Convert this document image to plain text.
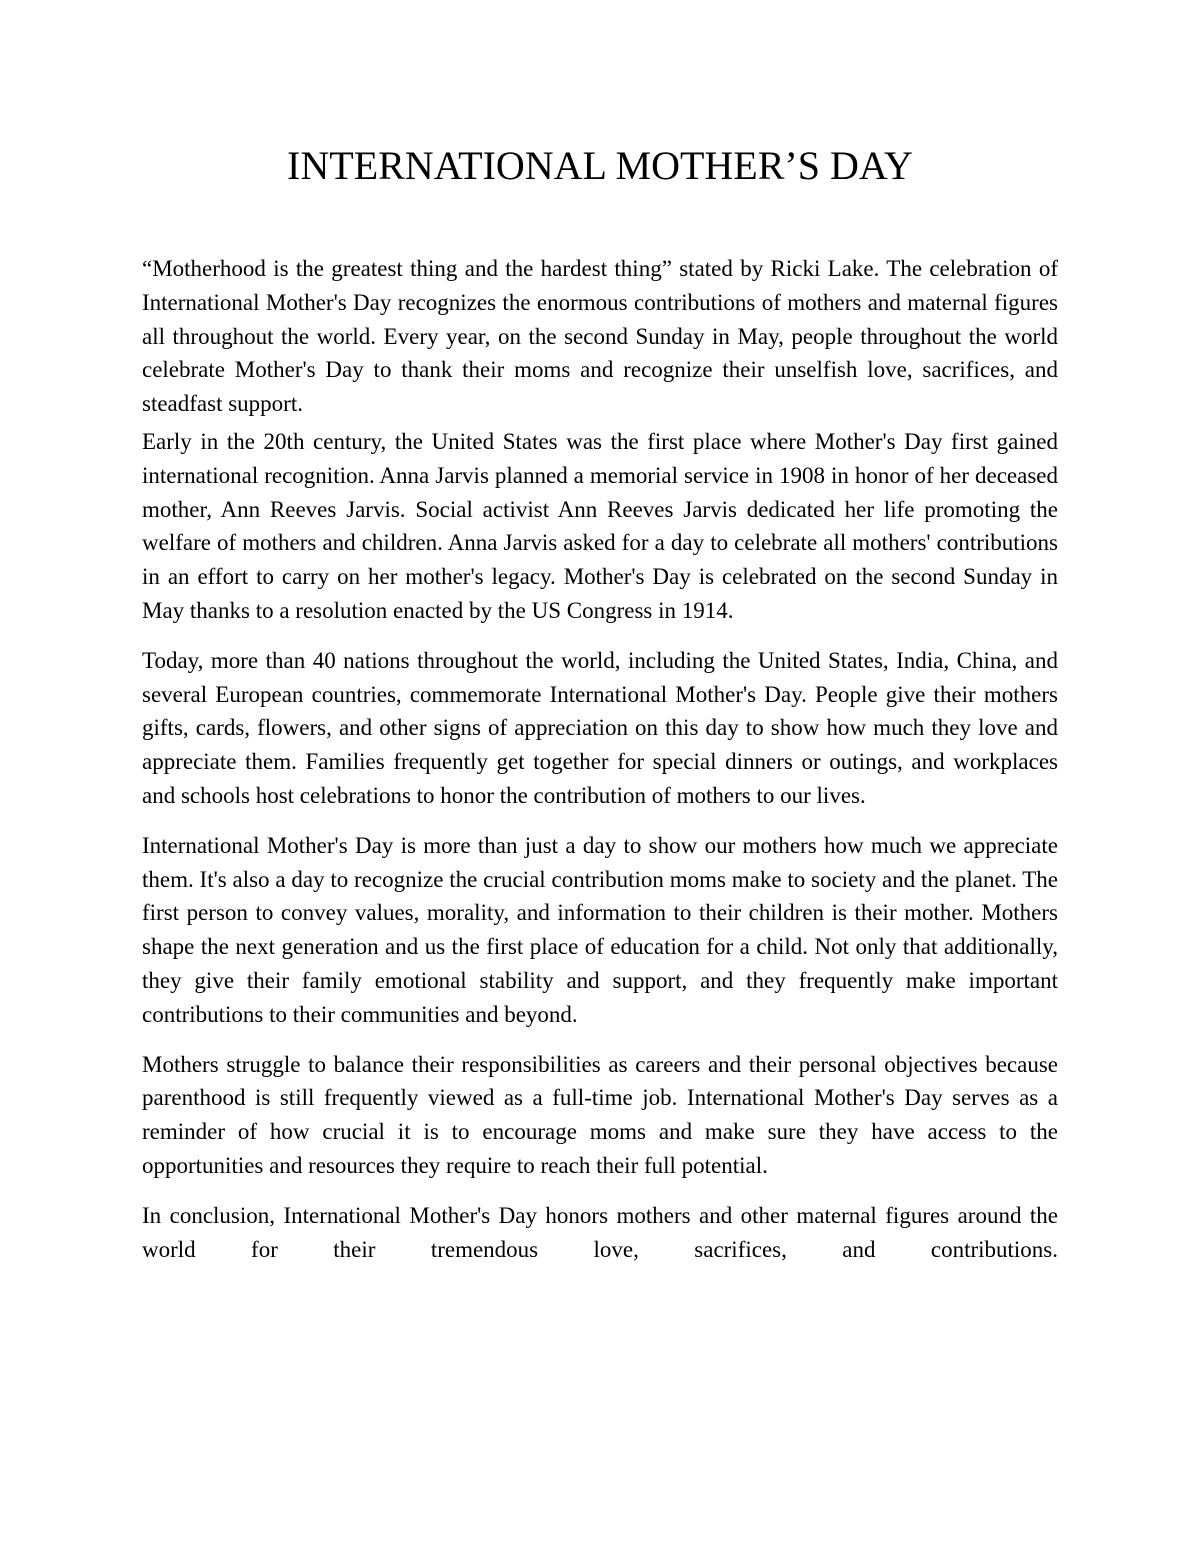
INTERNATIONAL MOTHER’S DAY

“Motherhood is the greatest thing and the hardest thing” stated by Ricki Lake. The celebration of International Mother's Day recognizes the enormous contributions of mothers and maternal figures all throughout the world. Every year, on the second Sunday in May, people throughout the world celebrate Mother's Day to thank their moms and recognize their unselfish love, sacrifices, and steadfast support.

Early in the 20th century, the United States was the first place where Mother's Day first gained international recognition. Anna Jarvis planned a memorial service in 1908 in honor of her deceased mother, Ann Reeves Jarvis. Social activist Ann Reeves Jarvis dedicated her life promoting the welfare of mothers and children. Anna Jarvis asked for a day to celebrate all mothers' contributions in an effort to carry on her mother's legacy. Mother's Day is celebrated on the second Sunday in May thanks to a resolution enacted by the US Congress in 1914.

Today, more than 40 nations throughout the world, including the United States, India, China, and several European countries, commemorate International Mother's Day. People give their mothers gifts, cards, flowers, and other signs of appreciation on this day to show how much they love and appreciate them. Families frequently get together for special dinners or outings, and workplaces and schools host celebrations to honor the contribution of mothers to our lives.

International Mother's Day is more than just a day to show our mothers how much we appreciate them. It's also a day to recognize the crucial contribution moms make to society and the planet. The first person to convey values, morality, and information to their children is their mother. Mothers shape the next generation and us the first place of education for a child. Not only that additionally, they give their family emotional stability and support, and they frequently make important contributions to their communities and beyond.

Mothers struggle to balance their responsibilities as careers and their personal objectives because parenthood is still frequently viewed as a full-time job. International Mother's Day serves as a reminder of how crucial it is to encourage moms and make sure they have access to the opportunities and resources they require to reach their full potential.

In conclusion, International Mother's Day honors mothers and other maternal figures around the world for their tremendous love, sacrifices, and contributions.
